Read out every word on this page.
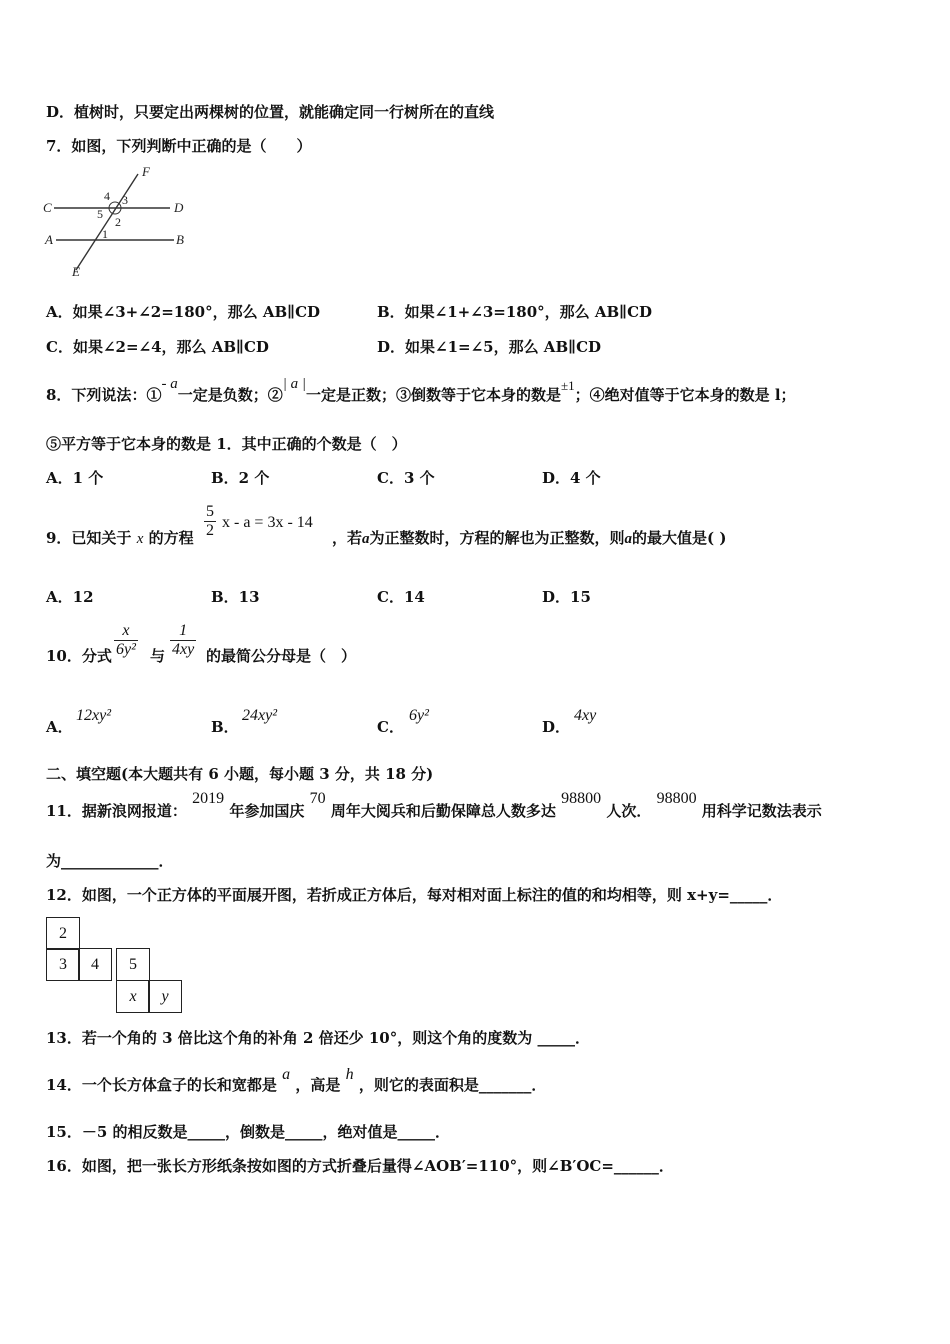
D．植树时，只要定出两棵树的位置，就能确定同一行树所在的直线
7．如图，下列判断中正确的是（　　）
F
C	D
A	B
E
4 3
5
2
1
A．如果∠3+∠2=180°，那么 AB∥CD	B．如果∠1+∠3=180°，那么 AB∥CD
C．如果∠2=∠4，那么 AB∥CD	D．如果∠1=∠5，那么 AB∥CD
8．下列说法：①- a一定是负数；②| a |一定是正数；③倒数等于它本身的数是±1；④绝对值等于它本身的数是 l；
⑤平方等于它本身的数是 1．其中正确的个数是（　）
A．1 个	B．2 个	C．3 个	D．4 个
9．已知关于 x 的方程
5
2 x - a = 3x - 14
，若a为正整数时，方程的解也为正整数，则a的最大值是( )
A．12	B．13	C．14	D．15
10．分式
x
6y² 与
1
4xy 的最简公分母是（　）
A．
12xy²
B．
24xy²
C．
6y²
D．
4xy
二、填空题(本大题共有 6 小题，每小题 3 分，共 18 分)
11．据新浪网报道： 2019 年参加国庆 70 周年大阅兵和后勤保障总人数多达 98800 人次． 98800 用科学记数法表示
为_____________．
12．如图，一个正方体的平面展开图，若折成正方体后，每对相对面上标注的值的和均相等，则 x+y=_____．
2
3	4	5
x	y
13．若一个角的 3 倍比这个角的补角 2 倍还少 10°，则这个角的度数为 _____．
14．一个长方体盒子的长和宽都是 a ，高是 h ，则它的表面积是_______．
15．－5 的相反数是_____，倒数是_____，绝对值是_____．
16．如图，把一张长方形纸条按如图的方式折叠后量得∠AOB′=110°，则∠B′OC=______．
